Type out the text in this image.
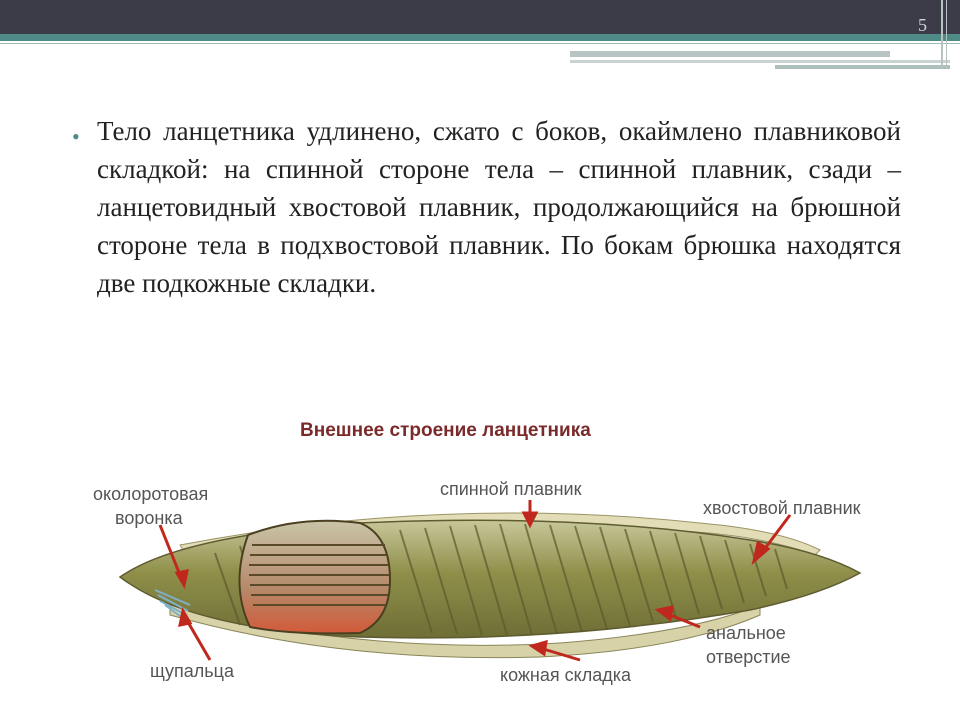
5
• Тело ланцетника удлинено, сжато с боков, окаймлено плавниковой складкой: на спинной стороне тела – спинной плавник, сзади – ланцетовидный хвостовой плавник, продолжающийся на брюшной стороне тела в подхвостовой плавник. По бокам брюшка находятся две подкожные складки.
Внешнее строение ланцетника
околоротовая
воронка
спинной плавник
хвостовой плавник
анальное
отверстие
щупальца	кожная складка
